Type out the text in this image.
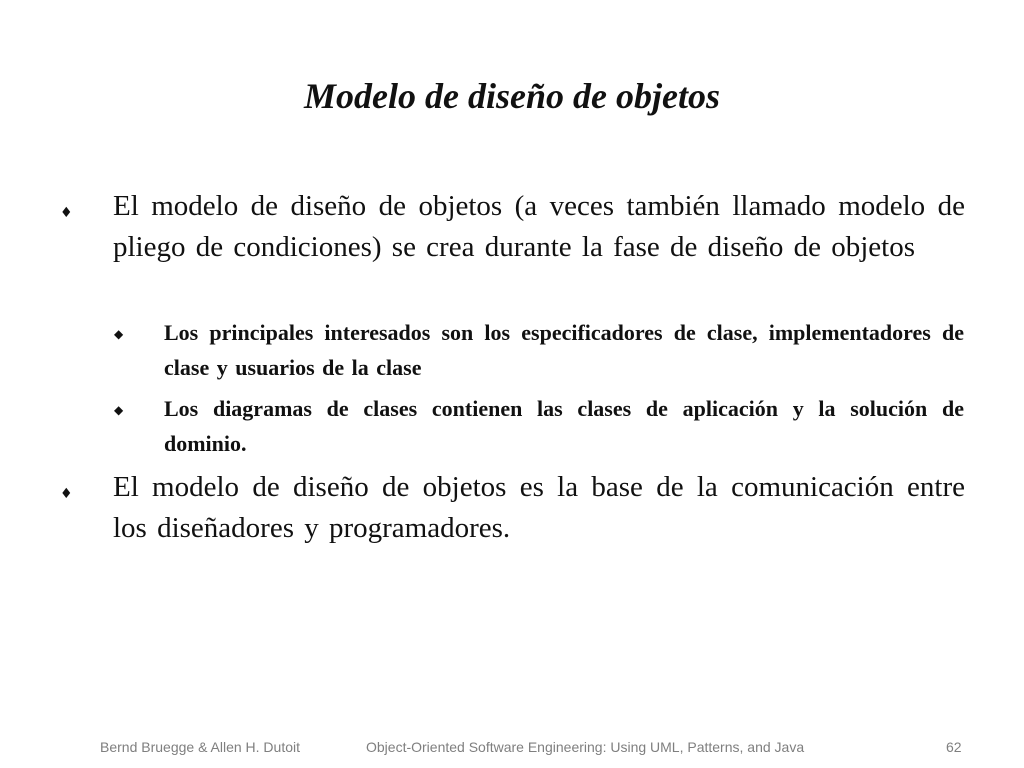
Modelo de diseño de objetos
♦ El modelo de diseño de objetos (a veces también llamado modelo de pliego de condiciones) se crea durante la fase de diseño de objetos
◆ Los principales interesados son los especificadores de clase, implementadores de clase y usuarios de la clase
◆ Los diagramas de clases contienen las clases de aplicación y la solución de dominio.
♦ El modelo de diseño de objetos es la base de la comunicación entre los diseñadores y programadores.
Bernd Bruegge & Allen H. Dutoit	Object-Oriented Software Engineering: Using UML, Patterns, and Java	62
